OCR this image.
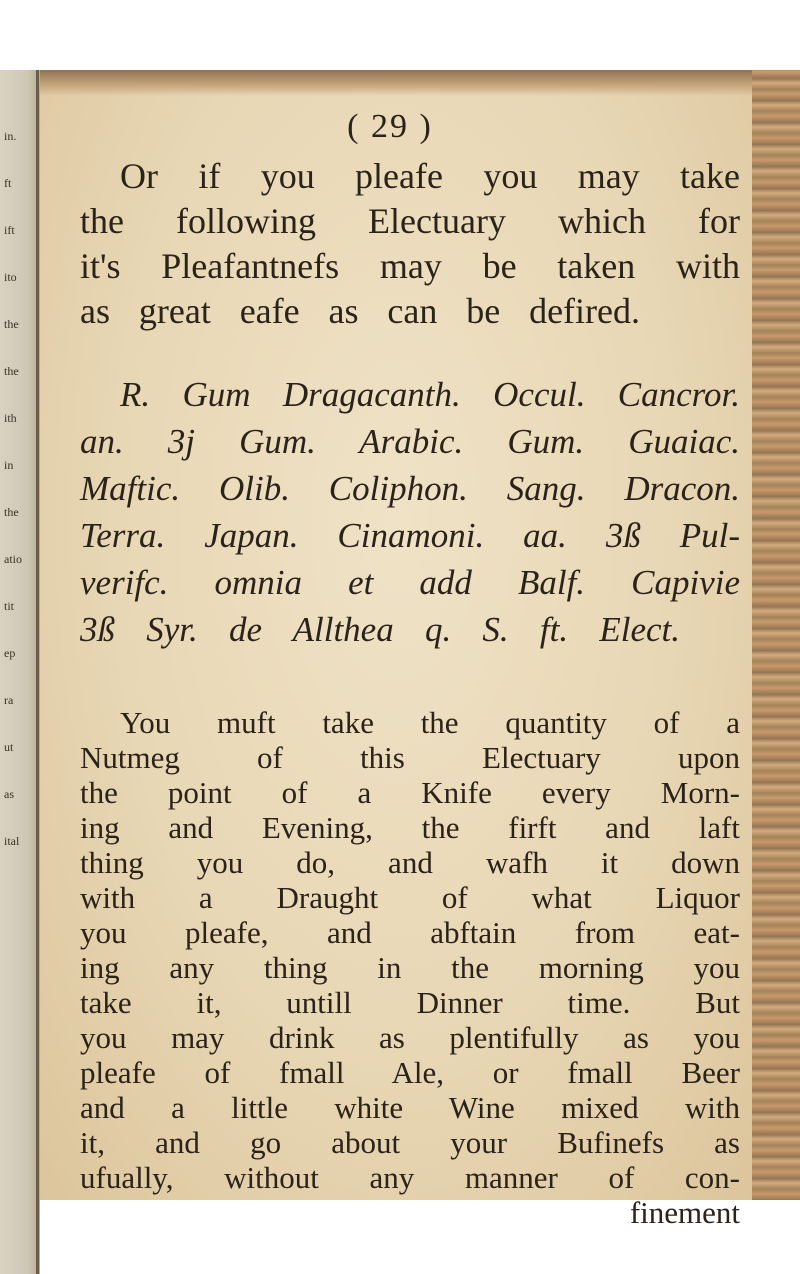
in.
ft
ift
ito
the
the
ith
in
the
atio
tit
ep
ra
ut
as
ital
( 29 )
Or if you pleafe you may take
the following Electuary which for
it's Pleafantnefs may be taken with
as great eafe as can be defired.
R. Gum Dragacanth. Occul. Cancror.
an. 3j Gum. Arabic. Gum. Guaiac.
Maftic. Olib. Coliphon. Sang. Dracon.
Terra. Japan. Cinamoni. aa. 3ß Pul-
verifc. omnia et add Balf. Capivie
3ß Syr. de Allthea q. S. ft. Elect.
You muft take the quantity of a
Nutmeg of this Electuary upon
the point of a Knife every Morn-
ing and Evening, the firft and laft
thing you do, and wafh it down
with a Draught of what Liquor
you pleafe, and abftain from eat-
ing any thing in the morning you
take it, untill Dinner time. But
you may drink as plentifully as you
pleafe of fmall Ale, or fmall Beer
and a little white Wine mixed with
it, and go about your Bufinefs as
ufually, without any manner of con-
finement
